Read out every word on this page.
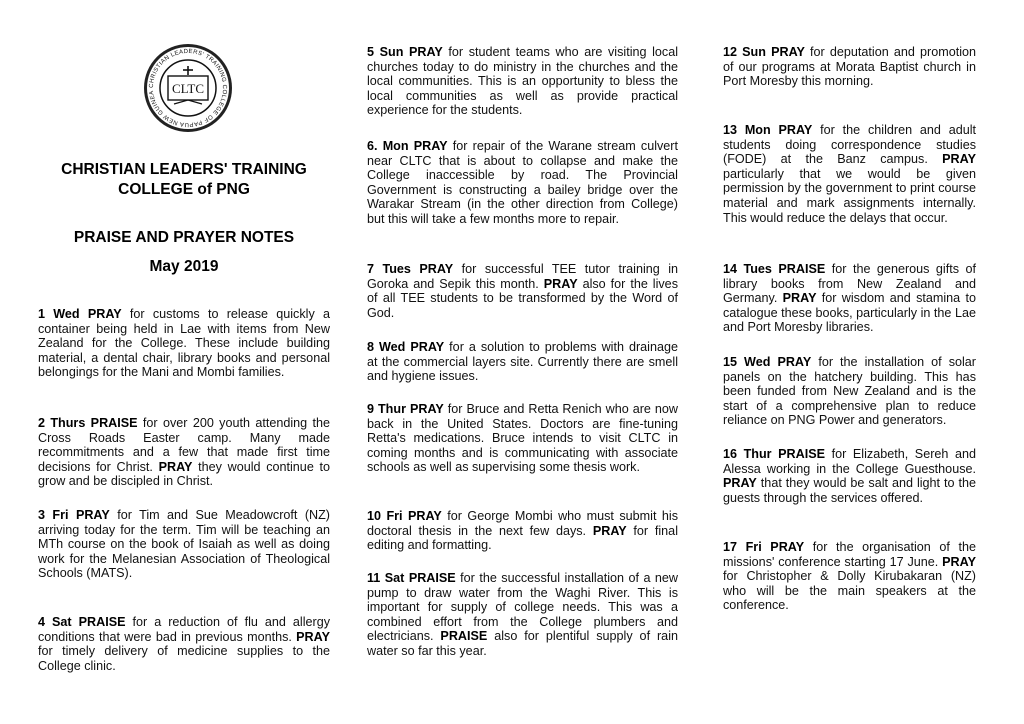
CHRISTIAN LEADERS' TRAINING COLLEGE OF PAPUA NEW GUINEA	CLTC
CHRISTIAN LEADERS' TRAINING
COLLEGE of PNG
PRAISE AND PRAYER NOTES
May 2019

1 Wed PRAY for customs to release quickly a container being held in Lae with items from New Zealand for the College. These include building material, a dental chair, library books and personal belongings for the Mani and Mombi families.

2 Thurs PRAISE for over 200 youth attending the Cross Roads Easter camp. Many made recommitments and a few that made first time decisions for Christ. PRAY they would continue to grow and be discipled in Christ.

3 Fri PRAY for Tim and Sue Meadowcroft (NZ) arriving today for the term. Tim will be teaching an MTh course on the book of Isaiah as well as doing work for the Melanesian Association of Theological Schools (MATS).

4 Sat PRAISE for a reduction of flu and allergy conditions that were bad in previous months. PRAY for timely delivery of medicine supplies to the College clinic.

5 Sun PRAY for student teams who are visiting local churches today to do ministry in the churches and the local communities. This is an opportunity to bless the local communities as well as provide practical experience for the students.

6. Mon PRAY for repair of the Warane stream culvert near CLTC that is about to collapse and make the College inaccessible by road. The Provincial Government is constructing a bailey bridge over the Warakar Stream (in the other direction from College) but this will take a few months more to repair.

7 Tues PRAY for successful TEE tutor training in Goroka and Sepik this month. PRAY also for the lives of all TEE students to be transformed by the Word of God.

8 Wed PRAY for a solution to problems with drainage at the commercial layers site. Currently there are smell and hygiene issues.

9 Thur PRAY for Bruce and Retta Renich who are now back in the United States. Doctors are fine-tuning Retta's medications. Bruce intends to visit CLTC in coming months and is communicating with associate schools as well as supervising some thesis work.

10 Fri PRAY for George Mombi who must submit his doctoral thesis in the next few days. PRAY for final editing and formatting.

11 Sat PRAISE for the successful installation of a new pump to draw water from the Waghi River. This is important for supply of college needs. This was a combined effort from the College plumbers and electricians. PRAISE also for plentiful supply of rain water so far this year.

12 Sun PRAY for deputation and promotion of our programs at Morata Baptist church in Port Moresby this morning.

13 Mon PRAY for the children and adult students doing correspondence studies (FODE) at the Banz campus. PRAY particularly that we would be given permission by the government to print course material and mark assignments internally. This would reduce the delays that occur.

14 Tues PRAISE for the generous gifts of library books from New Zealand and Germany. PRAY for wisdom and stamina to catalogue these books, particularly in the Lae and Port Moresby libraries.

15 Wed PRAY for the installation of solar panels on the hatchery building. This has been funded from New Zealand and is the start of a comprehensive plan to reduce reliance on PNG Power and generators.

16 Thur PRAISE for Elizabeth, Sereh and Alessa working in the College Guesthouse. PRAY that they would be salt and light to the guests through the services offered.

17 Fri PRAY for the organisation of the missions' conference starting 17 June. PRAY for Christopher & Dolly Kirubakaran (NZ) who will be the main speakers at the conference.
